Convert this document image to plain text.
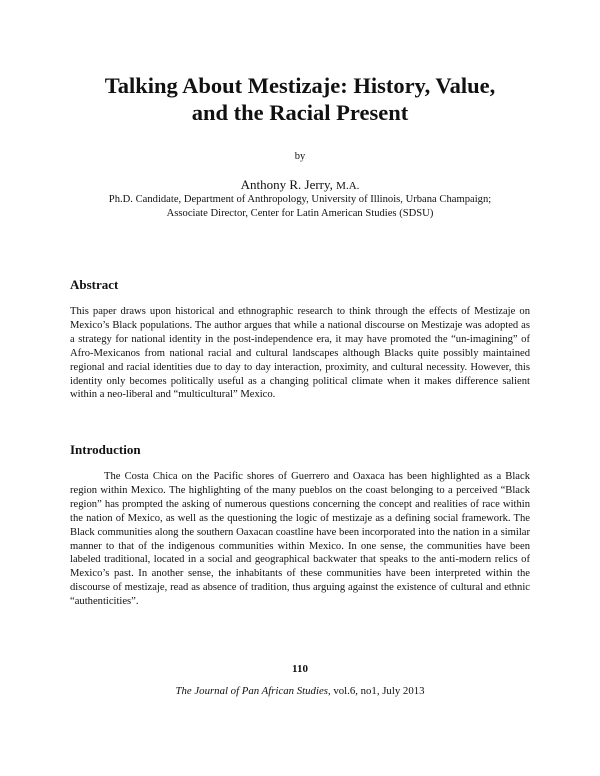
Talking About Mestizaje: History, Value,
and the Racial Present
by
Anthony R. Jerry, M.A.
Ph.D. Candidate, Department of Anthropology, University of Illinois, Urbana Champaign;
Associate Director, Center for Latin American Studies (SDSU)
Abstract

This paper draws upon historical and ethnographic research to think through the effects of Mestizaje on Mexico’s Black populations. The author argues that while a national discourse on Mestizaje was adopted as a strategy for national identity in the post-independence era, it may have promoted the “un-imagining” of Afro-Mexicanos from national racial and cultural landscapes although Blacks quite possibly maintained regional and racial identities due to day to day interaction, proximity, and cultural necessity. However, this identity only becomes politically useful as a changing political climate when it makes difference salient within a neo-liberal and “multicultural” Mexico.

Introduction

The Costa Chica on the Pacific shores of Guerrero and Oaxaca has been highlighted as a Black region within Mexico. The highlighting of the many pueblos on the coast belonging to a perceived “Black region” has prompted the asking of numerous questions concerning the concept and realities of race within the nation of Mexico, as well as the questioning the logic of mestizaje as a defining social framework. The Black communities along the southern Oaxacan coastline have been incorporated into the nation in a similar manner to that of the indigenous communities within Mexico. In one sense, the communities have been labeled traditional, located in a social and geographical backwater that speaks to the anti-modern relics of Mexico’s past. In another sense, the inhabitants of these communities have been interpreted within the discourse of mestizaje, read as absence of tradition, thus arguing against the existence of cultural and ethnic “authenticities”.

110
The Journal of Pan African Studies, vol.6, no1, July 2013
